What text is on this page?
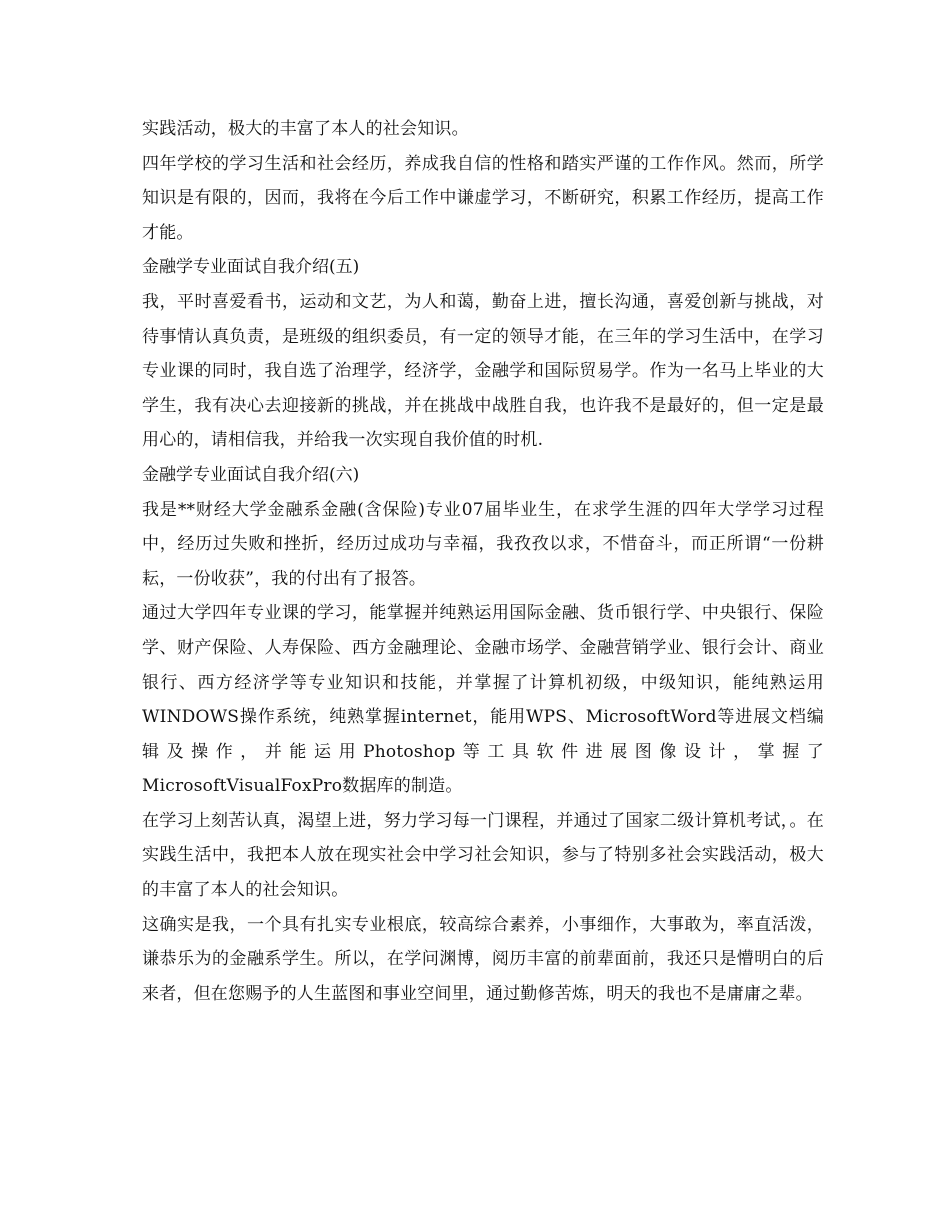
实践活动，极大的丰富了本人的社会知识。

四年学校的学习生活和社会经历，养成我自信的性格和踏实严谨的工作作风。然而，所学知识是有限的，因而，我将在今后工作中谦虚学习，不断研究，积累工作经历，提高工作才能。

金融学专业面试自我介绍(五)

我，平时喜爱看书，运动和文艺，为人和蔼，勤奋上进，擅长沟通，喜爱创新与挑战，对待事情认真负责，是班级的组织委员，有一定的领导才能，在三年的学习生活中，在学习专业课的同时，我自选了治理学，经济学，金融学和国际贸易学。作为一名马上毕业的大学生，我有决心去迎接新的挑战，并在挑战中战胜自我，也许我不是最好的，但一定是最用心的，请相信我，并给我一次实现自我价值的时机.

金融学专业面试自我介绍(六)

我是**财经大学金融系金融(含保险)专业07届毕业生，在求学生涯的四年大学学习过程中，经历过失败和挫折，经历过成功与幸福，我孜孜以求，不惜奋斗，而正所谓“一份耕耘，一份收获”，我的付出有了报答。

通过大学四年专业课的学习，能掌握并纯熟运用国际金融、货币银行学、中央银行、保险学、财产保险、人寿保险、西方金融理论、金融市场学、金融营销学业、银行会计、商业银行、西方经济学等专业知识和技能，并掌握了计算机初级，中级知识，能纯熟运用WINDOWS操作系统，纯熟掌握internet，能用WPS、MicrosoftWord等进展文档编辑及操作，并能运用Photoshop等工具软件进展图像设计，掌握了MicrosoftVisualFoxPro数据库的制造。

在学习上刻苦认真，渴望上进，努力学习每一门课程，并通过了国家二级计算机考试，。在实践生活中，我把本人放在现实社会中学习社会知识，参与了特别多社会实践活动，极大的丰富了本人的社会知识。

这确实是我，一个具有扎实专业根底，较高综合素养，小事细作，大事敢为，率直活泼，谦恭乐为的金融系学生。所以，在学问渊博，阅历丰富的前辈面前，我还只是懵明白的后来者，但在您赐予的人生蓝图和事业空间里，通过勤修苦炼，明天的我也不是庸庸之辈。
